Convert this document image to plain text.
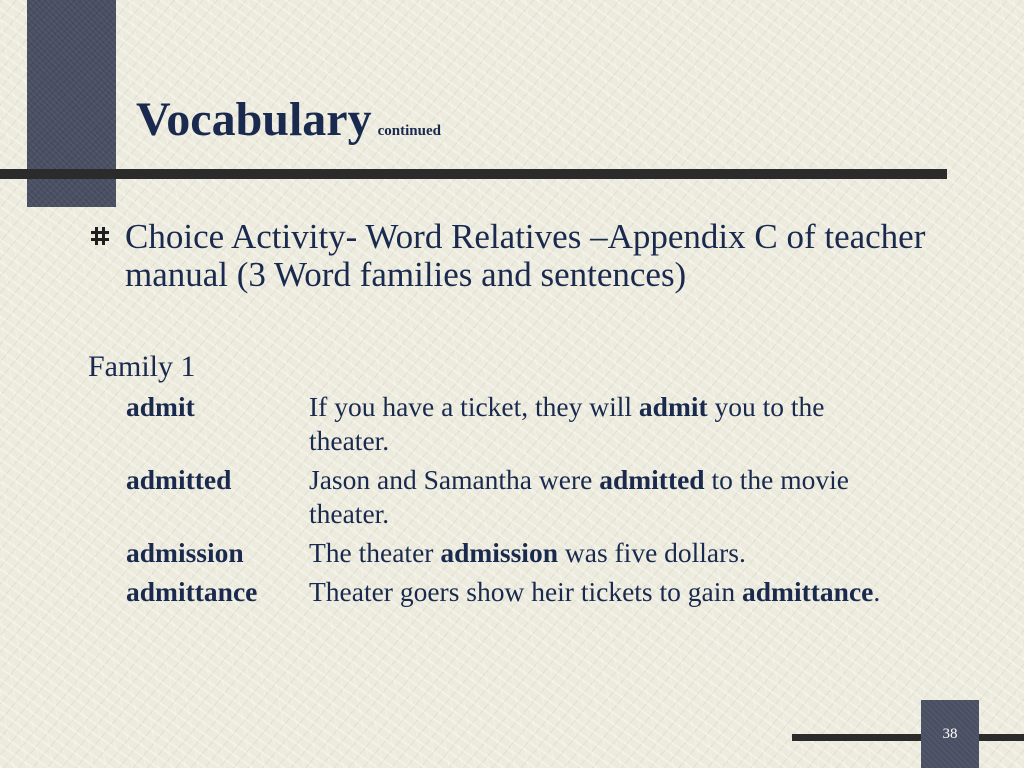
Vocabulary continued
Choice Activity- Word Relatives –Appendix C of teacher manual (3 Word families and sentences)
Family 1
admit	If you have a ticket, they will admit you to the theater.
admitted	Jason and Samantha were admitted to the movie theater.
admission	The theater admission was five dollars.
admittance	Theater goers show heir tickets to gain admittance.
38
